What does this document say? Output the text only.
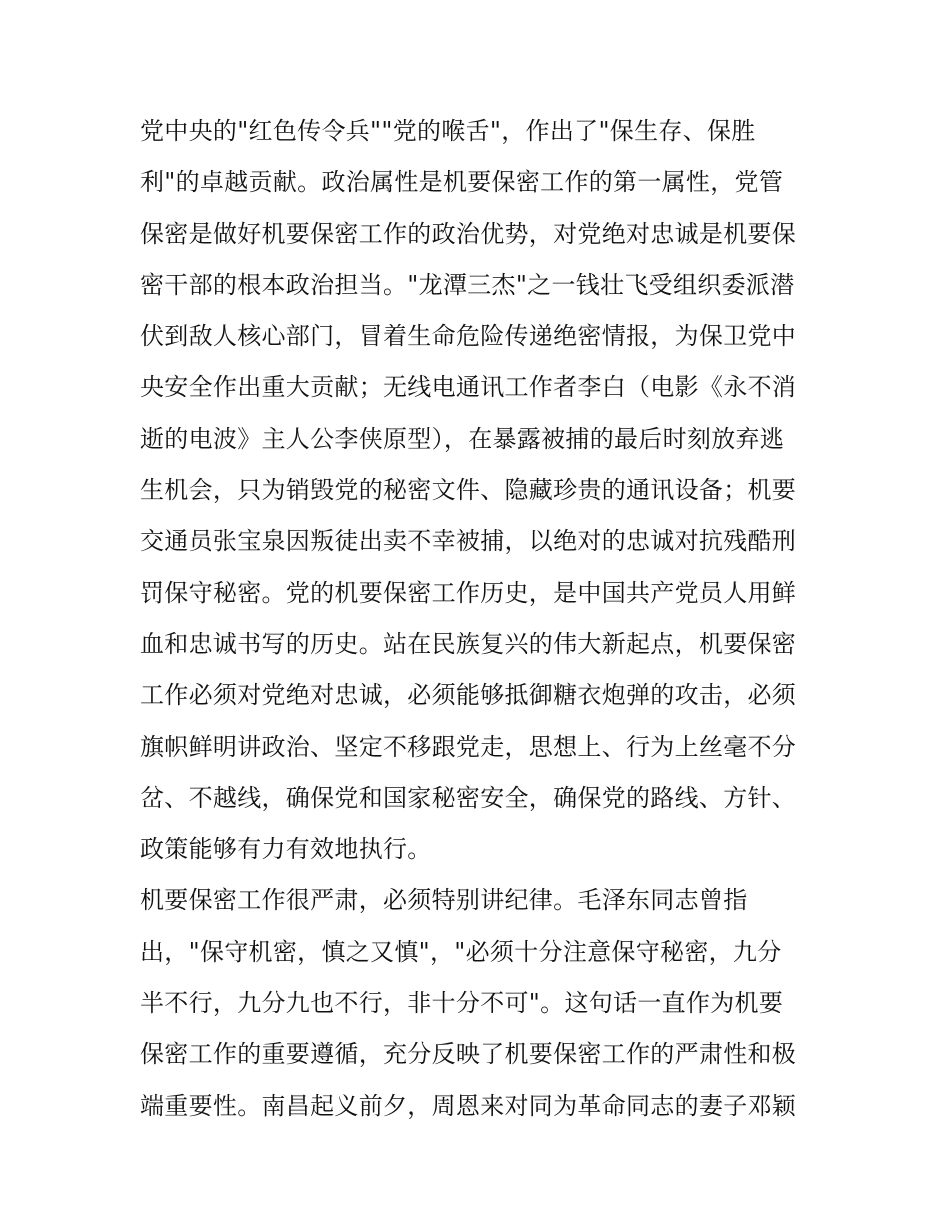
党中央的"红色传令兵""党的喉舌"，作出了"保生存、保胜
利"的卓越贡献。政治属性是机要保密工作的第一属性，党管
保密是做好机要保密工作的政治优势，对党绝对忠诚是机要保
密干部的根本政治担当。"龙潭三杰"之一钱壮飞受组织委派潜
伏到敌人核心部门，冒着生命危险传递绝密情报，为保卫党中
央安全作出重大贡献；无线电通讯工作者李白（电影《永不消
逝的电波》主人公李侠原型），在暴露被捕的最后时刻放弃逃
生机会，只为销毁党的秘密文件、隐藏珍贵的通讯设备；机要
交通员张宝泉因叛徒出卖不幸被捕，以绝对的忠诚对抗残酷刑
罚保守秘密。党的机要保密工作历史，是中国共产党员人用鲜
血和忠诚书写的历史。站在民族复兴的伟大新起点，机要保密
工作必须对党绝对忠诚，必须能够抵御糖衣炮弹的攻击，必须
旗帜鲜明讲政治、坚定不移跟党走，思想上、行为上丝毫不分
岔、不越线，确保党和国家秘密安全，确保党的路线、方针、
政策能够有力有效地执行。
机要保密工作很严肃，必须特别讲纪律。毛泽东同志曾指
出，"保守机密，慎之又慎"，"必须十分注意保守秘密，九分
半不行，九分九也不行，非十分不可"。这句话一直作为机要
保密工作的重要遵循，充分反映了机要保密工作的严肃性和极
端重要性。南昌起义前夕，周恩来对同为革命同志的妻子邓颖
